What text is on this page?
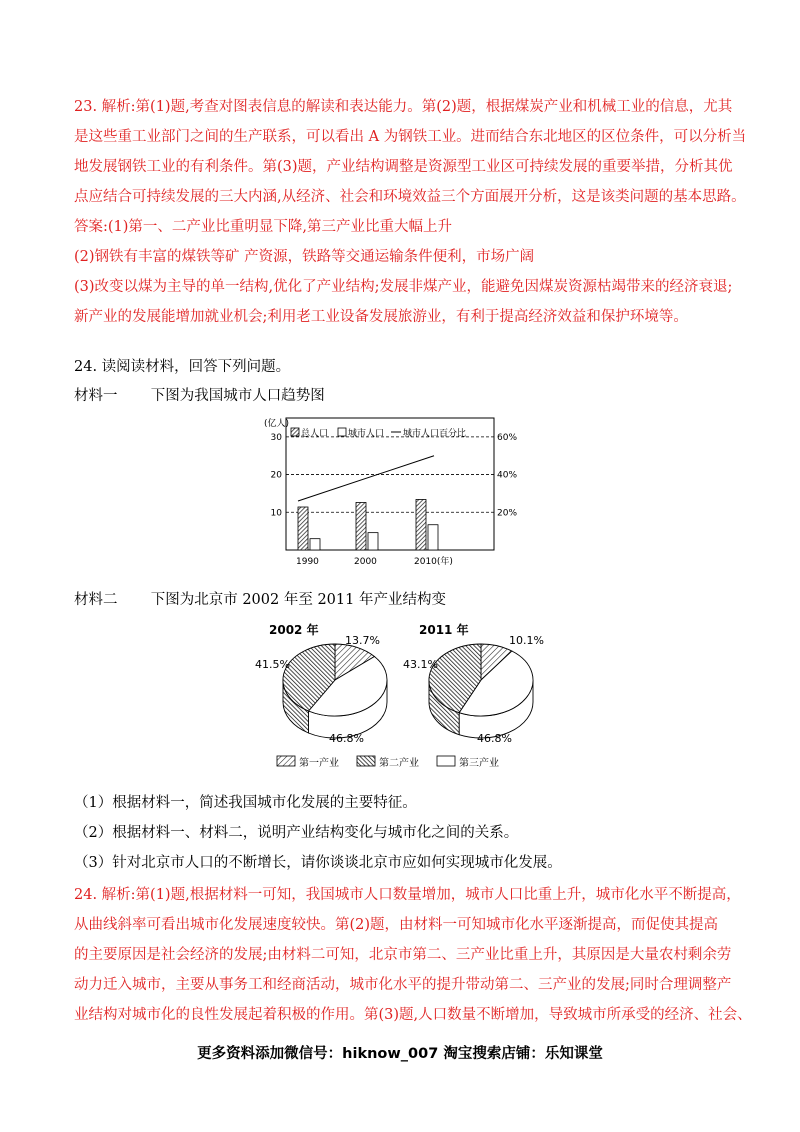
23. 解析:第(1)题,考查对图表信息的解读和表达能力。第(2)题，根据煤炭产业和机械工业的信息，尤其
是这些重工业部门之间的生产联系，可以看出 A 为钢铁工业。进而结合东北地区的区位条件，可以分析当
地发展钢铁工业的有利条件。第(3)题，产业结构调整是资源型工业区可持续发展的重要举措，分析其优
点应结合可持续发展的三大内涵,从经济、社会和环境效益三个方面展开分析，这是该类问题的基本思路。
答案:(1)第一、二产业比重明显下降,第三产业比重大幅上升
(2)钢铁有丰富的煤铁等矿 产资源，铁路等交通运输条件便利，市场广阔
(3)改变以煤为主导的单一结构,优化了产业结构;发展非煤产业，能避免因煤炭资源枯竭带来的经济衰退;
新产业的发展能增加就业机会;利用老工业设备发展旅游业，有利于提高经济效益和保护环境等。
24. 读阅读材料，回答下列问题。
材料一 下图为我国城市人口趋势图
10	20%
20	40%
30	60%
1990	2000	2010(年)
(亿人)
总人口 城市人口 城市人口百分比
材料二 下图为北京市 2002 年至 2011 年产业结构变
2002 年	2011 年
13.7%
41.5%
46.8%
10.1%
43.1%
46.8%
第一产业	第二产业	第三产业
（1）根据材料一，简述我国城市化发展的主要特征。
（2）根据材料一、材料二，说明产业结构变化与城市化之间的关系。
（3）针对北京市人口的不断增长，请你谈谈北京市应如何实现城市化发展。
24. 解析:第(1)题,根据材料一可知，我国城市人口数量增加，城市人口比重上升，城市化水平不断提高，
从曲线斜率可看出城市化发展速度较快。第(2)题，由材料一可知城市化水平逐渐提高，而促使其提高
的主要原因是社会经济的发展;由材料二可知，北京市第二、三产业比重上升，其原因是大量农村剩余劳
动力迁入城市，主要从事务工和经商活动，城市化水平的提升带动第二、三产业的发展;同时合理调整产
业结构对城市化的良性发展起着积极的作用。第(3)题,人口数量不断增加，导致城市所承受的经济、社会、
更多资料添加微信号：hiknow_007 淘宝搜索店铺：乐知课堂
